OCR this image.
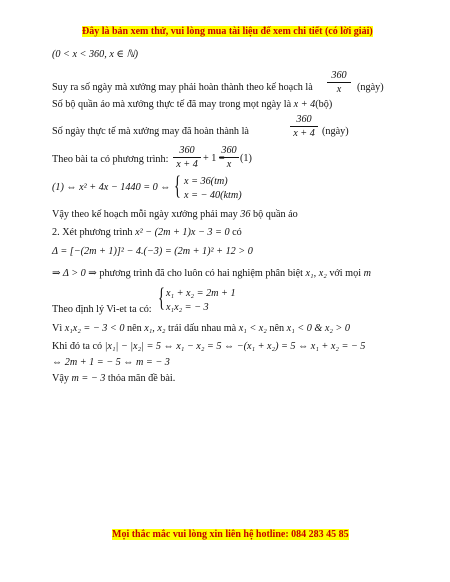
Đây là bản xem thử, vui lòng mua tài liệu để xem chi tiết (có lời giải)
(0 < x < 360, x ∈ ℕ)
360
x
Suy ra số ngày mà xưởng may phải hoàn thành theo kế hoạch là	(ngày)
Số bộ quần áo mà xưởng thực tế đã may trong mọt ngày là x + 4(bộ)
360
x + 4
Số ngày thực tế mà xưởng may đã hoàn thành là	(ngày)
Theo bài ta có phương trình:
360
x + 4
+ 1 =
360
x
(1)
(1) ⇔ x² + 4x − 1440 = 0 ⇔ { x = 36(tm)
x = − 40(ktm)
Vậy theo kế hoạch mỗi ngày xưởng phải may 36 bộ quần áo
2. Xét phương trình x² − (2m + 1)x − 3 = 0 có
Δ = [−(2m + 1)]² − 4.(−3) = (2m + 1)² + 12 > 0
⇒ Δ > 0 ⇒ phương trình đã cho luôn có hai nghiệm phân biệt x₁, x₂ với mọi m
Theo định lý Vi-et ta có: { x₁ + x₂ = 2m + 1
x₁x₂ = − 3
Vì x₁x₂ = − 3 < 0 nên x₁, x₂ trái dấu nhau mà x₁ < x₂ nên x₁ < 0 & x₂ > 0
Khi đó ta có |x₁| − |x₂| = 5 ⇔ x₁ − x₂ = 5 ⇔ −(x₁ + x₂) = 5 ⇔ x₁ + x₂ = − 5
⇔ 2m + 1 = − 5 ⇔ m = − 3
Vậy m = − 3 thỏa mãn đề bài.
Mọi thắc mắc vui lòng xin liên hệ hotline: 084 283 45 85
